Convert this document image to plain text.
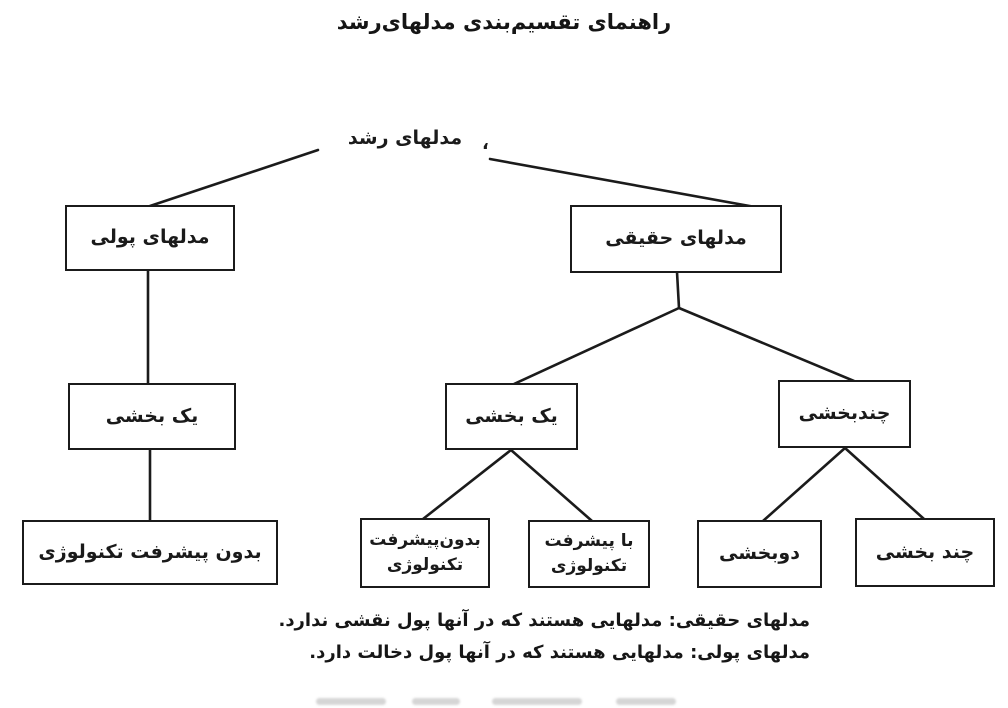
راهنمای تقسیم‌بندی مدلهای‌رشد
مدلهای رشد	،
مدلهای پولی	مدلهای حقیقی
یک بخشی	یک بخشی	چندبخشی
بدون پیشرفت تکنولوژی
بدون‌پیشرفت
تکنولوژی
با پیشرفت
تکنولوژی
دوبخشی	چند بخشی
مدلهای حقیقی: مدلهایی هستند که در آنها پول نقشی ندارد.
مدلهای پولی: مدلهایی هستند که در آنها پول دخالت دارد.
